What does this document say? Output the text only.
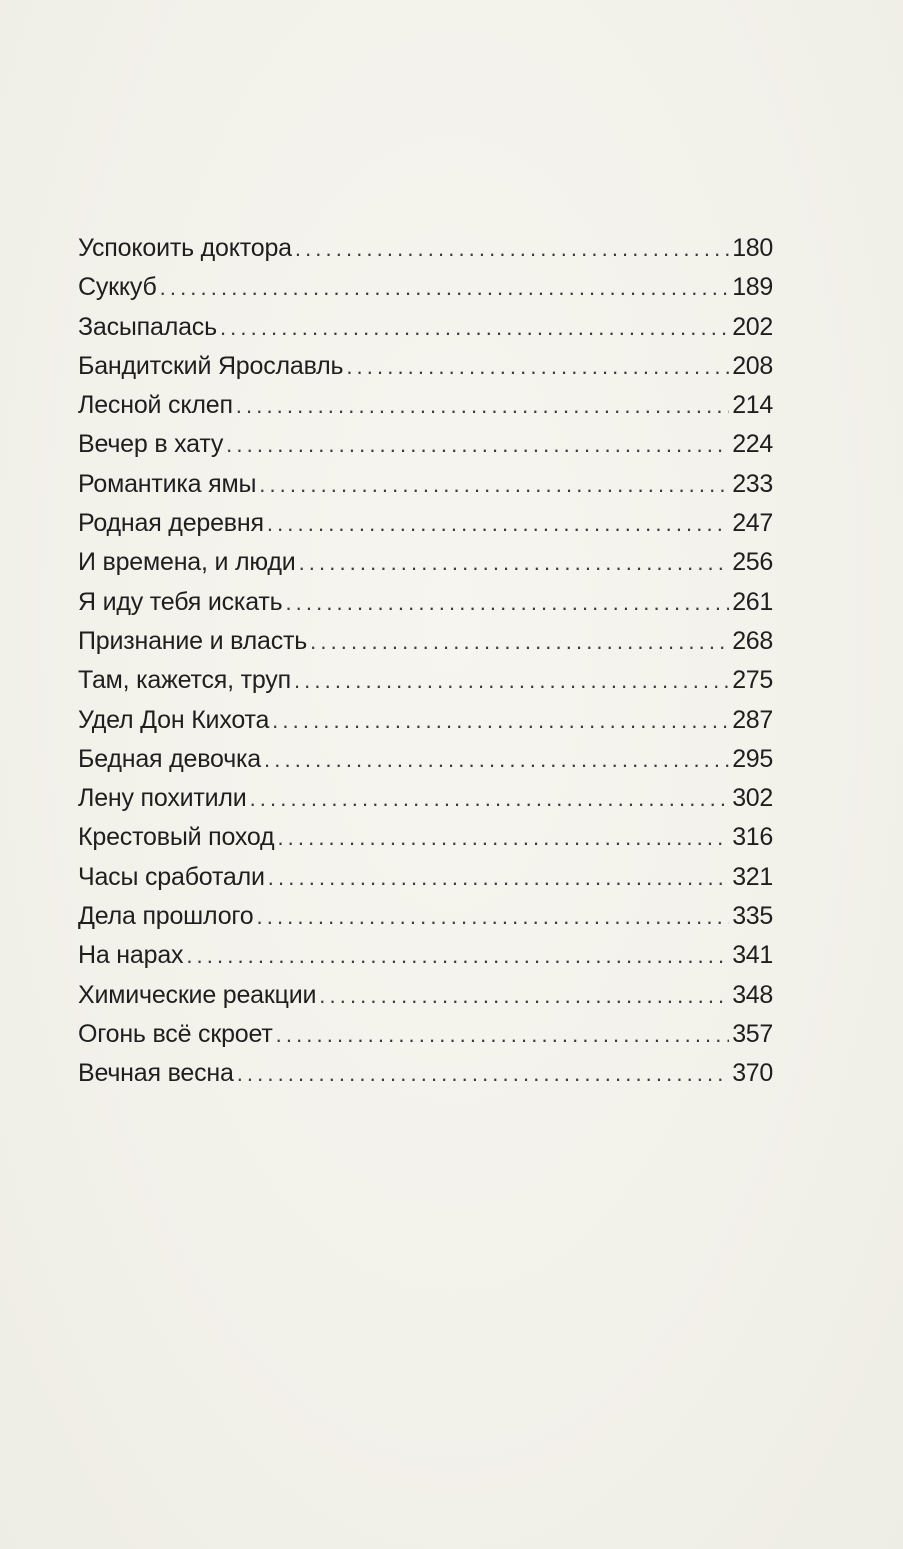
Успокоить доктора . . .	180
Суккуб . . .	189
Засыпалась . . .	202
Бандитский Ярославль . . .	208
Лесной склеп . . .	214
Вечер в хату . . .	224
Романтика ямы . . .	233
Родная деревня . . .	247
И времена, и люди . . .	256
Я иду тебя искать . . .	261
Признание и власть . . .	268
Там, кажется, труп . . .	275
Удел Дон Кихота . . .	287
Бедная девочка . . .	295
Лену похитили . . .	302
Крестовый поход . . .	316
Часы сработали . . .	321
Дела прошлого . . .	335
На нарах . . .	341
Химические реакции . . .	348
Огонь всё скроет . . .	357
Вечная весна . . .	370
